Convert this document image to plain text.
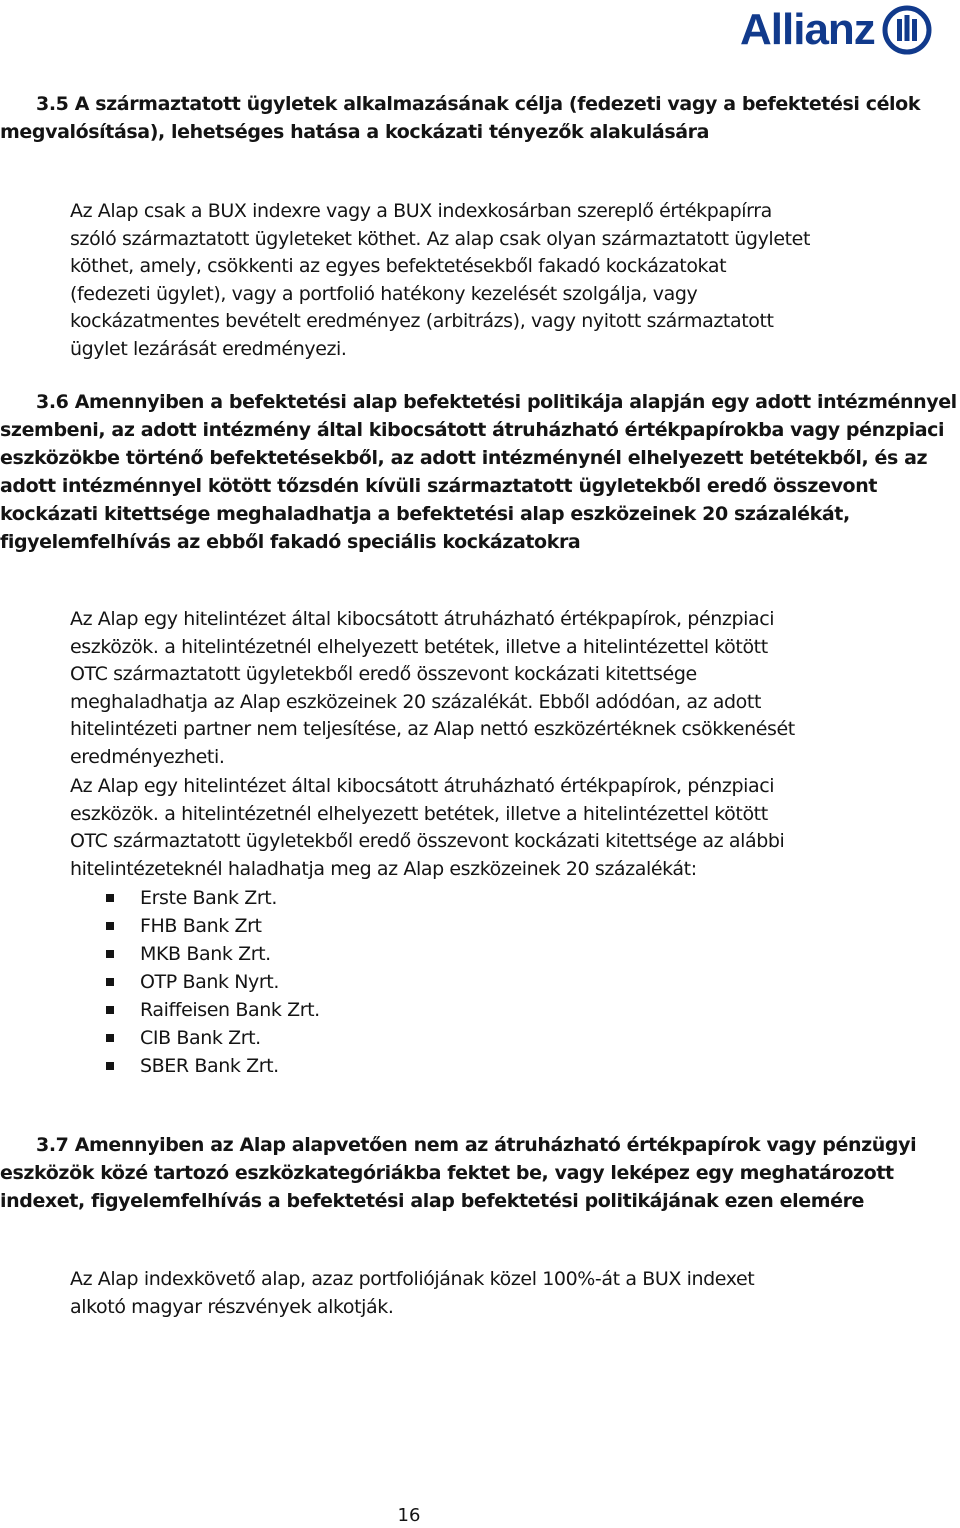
Allianz
3.5 A származtatott ügyletek alkalmazásának célja (fedezeti vagy a befektetési célok megvalósítása), lehetséges hatása a kockázati tényezők alakulására

Az Alap csak a BUX indexre vagy a BUX indexkosárban szereplő értékpapírra szóló származtatott ügyleteket köthet. Az alap csak olyan származtatott ügyletet köthet, amely, csökkenti az egyes befektetésekből fakadó kockázatokat (fedezeti ügylet), vagy a portfolió hatékony kezelését szolgálja, vagy kockázatmentes bevételt eredményez (arbitrázs), vagy nyitott származtatott ügylet lezárását eredményezi.

3.6 Amennyiben a befektetési alap befektetési politikája alapján egy adott intézménnyel szembeni, az adott intézmény által kibocsátott átruházható értékpapírokba vagy pénzpiaci eszközökbe történő befektetésekből, az adott intézménynél elhelyezett betétekből, és az adott intézménnyel kötött tőzsdén kívüli származtatott ügyletekből eredő összevont kockázati kitettsége meghaladhatja a befektetési alap eszközeinek 20 százalékát, figyelemfelhívás az ebből fakadó speciális kockázatokra

Az Alap egy hitelintézet által kibocsátott átruházható értékpapírok, pénzpiaci eszközök. a hitelintézetnél elhelyezett betétek, illetve a hitelintézettel kötött OTC származtatott ügyletekből eredő összevont kockázati kitettsége meghaladhatja az Alap eszközeinek 20 százalékát. Ebből adódóan, az adott hitelintézeti partner nem teljesítése, az Alap nettó eszközértéknek csökkenését eredményezheti.

Az Alap egy hitelintézet által kibocsátott átruházható értékpapírok, pénzpiaci eszközök. a hitelintézetnél elhelyezett betétek, illetve a hitelintézettel kötött OTC származtatott ügyletekből eredő összevont kockázati kitettsége az alábbi hitelintézeteknél haladhatja meg az Alap eszközeinek 20 százalékát:

Erste Bank Zrt.
FHB Bank Zrt
MKB Bank Zrt.
OTP Bank Nyrt.
Raiffeisen Bank Zrt.
CIB Bank Zrt.
SBER Bank Zrt.
3.7 Amennyiben az Alap alapvetően nem az átruházható értékpapírok vagy pénzügyi eszközök közé tartozó eszközkategóriákba fektet be, vagy leképez egy meghatározott indexet, figyelemfelhívás a befektetési alap befektetési politikájának ezen elemére

Az Alap indexkövető alap, azaz portfoliójának közel 100%-át a BUX indexet alkotó magyar részvények alkotják.

16
